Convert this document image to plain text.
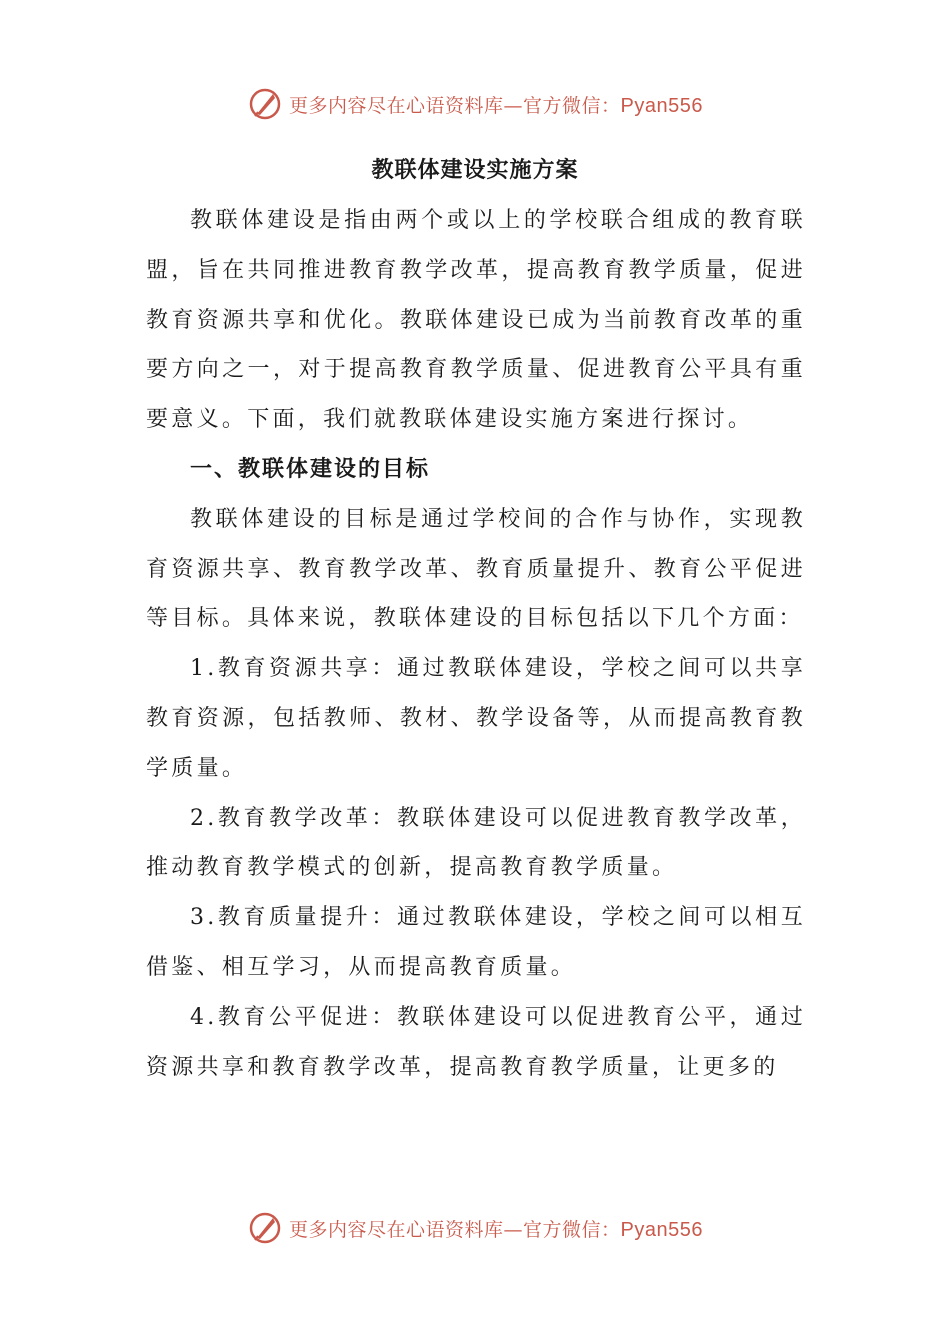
更多内容尽在心语资料库—官方微信：Pyan556
教联体建设实施方案

教联体建设是指由两个或以上的学校联合组成的教育联盟，旨在共同推进教育教学改革，提高教育教学质量，促进教育资源共享和优化。教联体建设已成为当前教育改革的重要方向之一，对于提高教育教学质量、促进教育公平具有重要意义。下面，我们就教联体建设实施方案进行探讨。

一、教联体建设的目标

教联体建设的目标是通过学校间的合作与协作，实现教育资源共享、教育教学改革、教育质量提升、教育公平促进等目标。具体来说，教联体建设的目标包括以下几个方面：

1.教育资源共享：通过教联体建设，学校之间可以共享教育资源，包括教师、教材、教学设备等，从而提高教育教学质量。

2.教育教学改革：教联体建设可以促进教育教学改革，推动教育教学模式的创新，提高教育教学质量。

3.教育质量提升：通过教联体建设，学校之间可以相互借鉴、相互学习，从而提高教育质量。

4.教育公平促进：教联体建设可以促进教育公平，通过资源共享和教育教学改革，提高教育教学质量，让更多的

更多内容尽在心语资料库—官方微信：Pyan556
